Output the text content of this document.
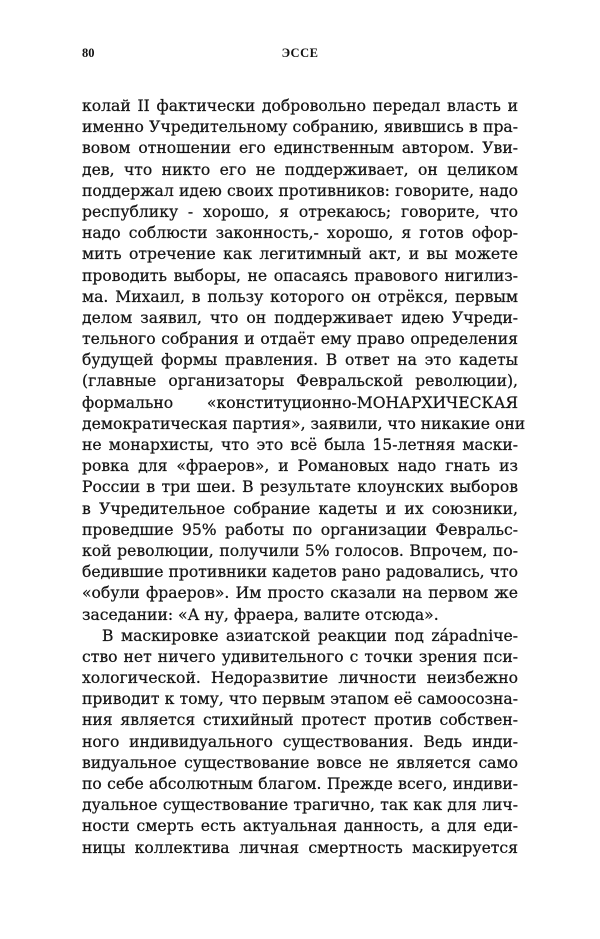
80	ЭССЕ
колай II фактически добровольно передал власть и
именно Учредительному собранию, явившись в пра-
вовом отношении его единственным автором. Уви-
дев, что никто его не поддерживает, он целиком
поддержал идею своих противников: говорите, надо
республику - хорошо, я отрекаюсь; говорите, что
надо соблюсти законность,- хорошо, я готов офор-
мить отречение как легитимный акт, и вы можете
проводить выборы, не опасаясь правового нигилиз-
ма. Михаил, в пользу которого он отрёкся, первым
делом заявил, что он поддерживает идею Учреди-
тельного собрания и отдаёт ему право определения
будущей формы правления. В ответ на это кадеты
(главные организаторы Февральской революции),
формально «конституционно-МОНАРХИЧЕСКАЯ
демократическая партия», заявили, что никакие они
не монархисты, что это всё была 15-летняя маски-
ровка для «фраеров», и Романовых надо гнать из
России в три шеи. В результате клоунских выборов
в Учредительное собрание кадеты и их союзники,
проведшие 95% работы по организации Февральс-
кой революции, получили 5% голосов. Впрочем, по-
бедившие противники кадетов рано радовались, что
«обули фраеров». Им просто сказали на первом же
заседании: «А ну, фраера, валите отсюда».
В маскировке азиатской реакции под západniче-
ство нет ничего удивительного с точки зрения пси-
хологической. Недоразвитие личности неизбежно
приводит к тому, что первым этапом её самоосозна-
ния является стихийный протест против собствен-
ного индивидуального существования. Ведь инди-
видуальное существование вовсе не является само
по себе абсолютным благом. Прежде всего, индиви-
дуальное существование трагично, так как для лич-
ности смерть есть актуальная данность, а для еди-
ницы коллектива личная смертность маскируется
